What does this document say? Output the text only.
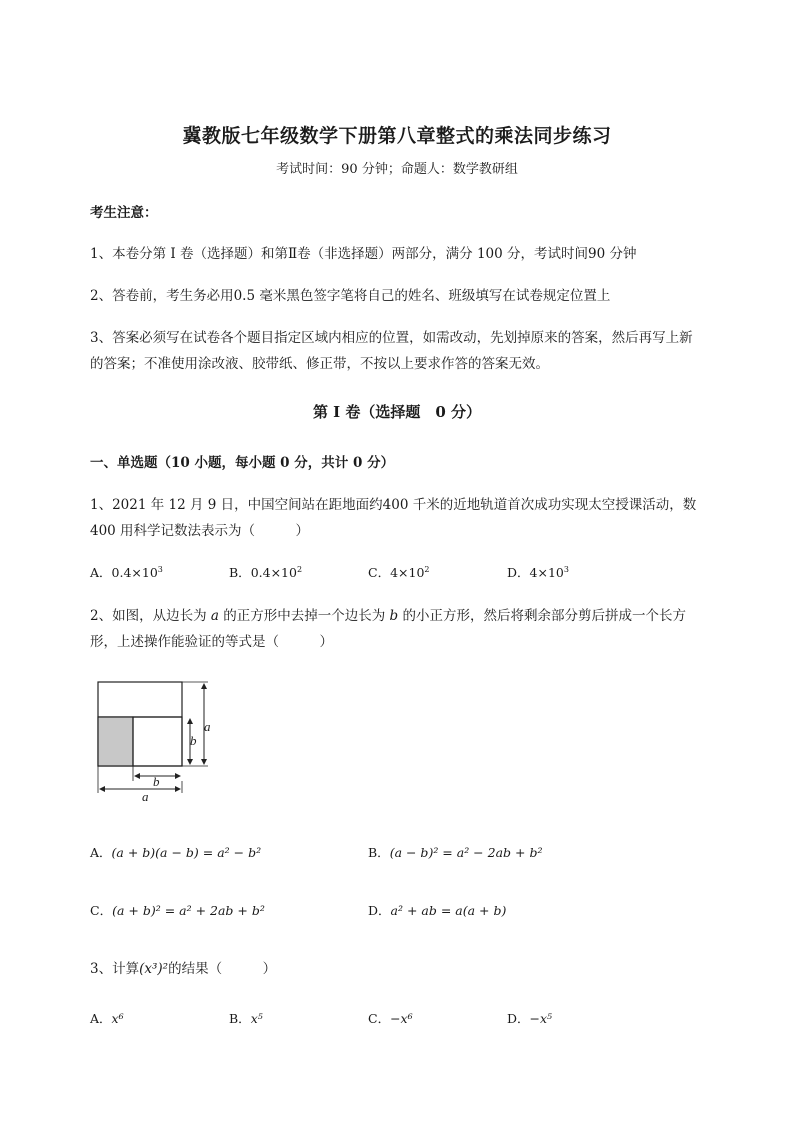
冀教版七年级数学下册第八章整式的乘法同步练习
考试时间：90 分钟；命题人：数学教研组
考生注意：
1、本卷分第 I 卷（选择题）和第Ⅱ卷（非选择题）两部分，满分 100 分，考试时间90 分钟
2、答卷前，考生务必用0.5 毫米黑色签字笔将自己的姓名、班级填写在试卷规定位置上
3、答案必须写在试卷各个题目指定区域内相应的位置，如需改动，先划掉原来的答案，然后再写上新
的答案；不准使用涂改液、胶带纸、修正带，不按以上要求作答的答案无效。
第 I 卷（选择题　0 分）
一、单选题（10 小题，每小题 0 分，共计 0 分）
1、2021 年 12 月 9 日，中国空间站在距地面约400 千米的近地轨道首次成功实现太空授课活动，数
400 用科学记数法表示为（　　　）
A．$0.4\times 10^3$	B．$0.4\times 10^2$	C．$4\times 10^2$	D．$4\times 10^3$
2、如图，从边长为 a 的正方形中去掉一个边长为 b 的小正方形，然后将剩余部分剪后拼成一个长方
形，上述操作能验证的等式是（　　　）
a
b
b
a
A．(a + b)(a − b) = a² − b²	B．(a − b)² = a² − 2ab + b²
C．(a + b)² = a² + 2ab + b²	D．a² + ab = a(a + b)
3、计算(x³)²的结果（　　　）
A．x⁶	B．x⁵	C．−x⁶	D．−x⁵
